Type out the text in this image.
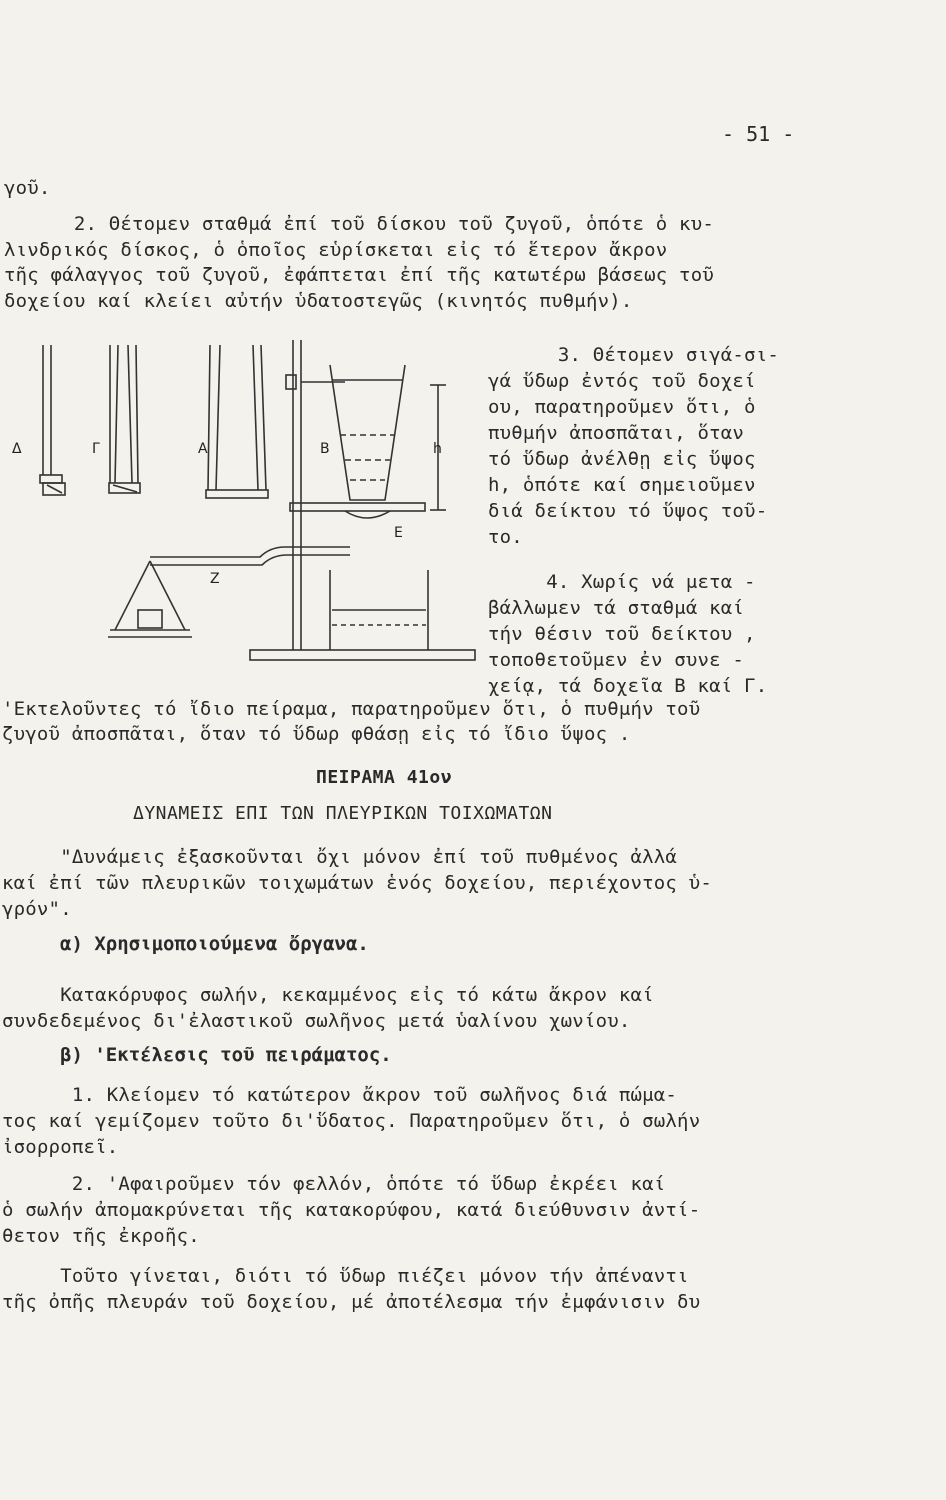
- 51 -
γοῦ.
2. Θέτομεν σταθμά ἐπί τοῦ δίσκου τοῦ ζυγοῦ, ὁπότε ὁ κυ-
λινδρικός δίσκος, ὁ ὁποῖος εὑρίσκεται εἰς τό ἕτερον ἄκρον
τῆς φάλαγγος τοῦ ζυγοῦ, ἐφάπτεται ἐπί τῆς κατωτέρω βάσεως τοῦ
δοχείου καί κλείει αὐτήν ὑδατοστεγῶς (κινητός πυθμήν).
Δ	Γ	Α	Β	h
Ε
Ζ
3. Θέτομεν σιγά-σι-
γά ὕδωρ ἐντός τοῦ δοχεί
ου, παρατηροῦμεν ὅτι, ὁ
πυθμήν ἀποσπᾶται, ὅταν
τό ὕδωρ ἀνέλθῃ εἰς ὕψος
h, ὁπότε καί σημειοῦμεν
διά δείκτου τό ὕψος τοῦ-
το.
4. Χωρίς νά μετα -
βάλλωμεν τά σταθμά καί
τήν θέσιν τοῦ δείκτου ,
τοποθετοῦμεν ἐν συνε -
χείᾳ, τά δοχεῖα Β καί Γ.
'Εκτελοῦντες τό ἴδιο πείραμα, παρατηροῦμεν ὅτι, ὁ πυθμήν τοῦ
ζυγοῦ ἀποσπᾶται, ὅταν τό ὕδωρ φθάσῃ εἰς τό ἴδιο ὕψος .
ΠΕΙΡΑΜΑ 41ον
ΔΥΝΑΜΕΙΣ ΕΠΙ ΤΩΝ ΠΛΕΥΡΙΚΩΝ ΤΟΙΧΩΜΑΤΩΝ
"Δυνάμεις ἐξασκοῦνται ὄχι μόνον ἐπί τοῦ πυθμένος ἀλλά
καί ἐπί τῶν πλευρικῶν τοιχωμάτων ἑνός δοχείου, περιέχοντος ὑ-
γρόν".
α) Χρησιμοποιούμενα ὄργανα.
Κατακόρυφος σωλήν, κεκαμμένος εἰς τό κάτω ἄκρον καί
συνδεδεμένος δι'ἐλαστικοῦ σωλῆνος μετά ὑαλίνου χωνίου.
β) 'Εκτέλεσις τοῦ πειράματος.
1. Κλείομεν τό κατώτερον ἄκρον τοῦ σωλῆνος διά πώμα-
τος καί γεμίζομεν τοῦτο δι'ὕδατος. Παρατηροῦμεν ὅτι, ὁ σωλήν
ἰσορροπεῖ.
2. 'Αφαιροῦμεν τόν φελλόν, ὁπότε τό ὕδωρ ἐκρέει καί
ὁ σωλήν ἀπομακρύνεται τῆς κατακορύφου, κατά διεύθυνσιν ἀντί-
θετον τῆς ἐκροῆς.
Τοῦτο γίνεται, διότι τό ὕδωρ πιέζει μόνον τήν ἀπέναντι
τῆς ὀπῆς πλευράν τοῦ δοχείου, μέ ἀποτέλεσμα τήν ἐμφάνισιν δυ
